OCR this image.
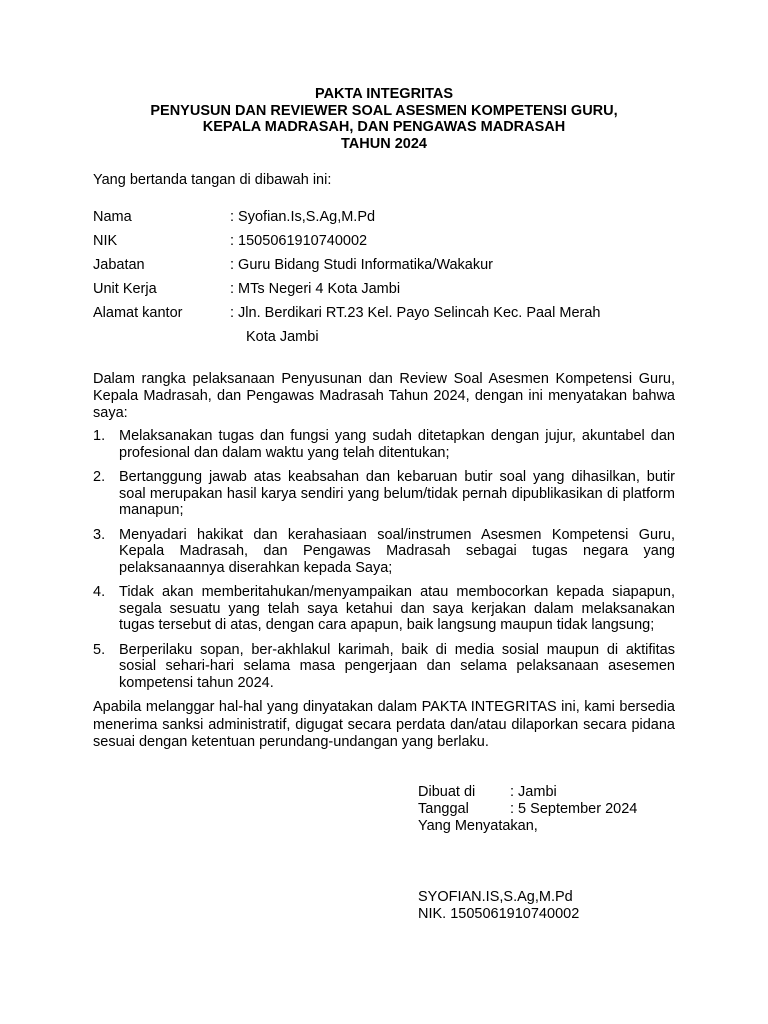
PAKTA INTEGRITAS
PENYUSUN DAN REVIEWER SOAL ASESMEN KOMPETENSI GURU,
KEPALA MADRASAH, DAN PENGAWAS MADRASAH
TAHUN 2024
Yang bertanda tangan di dibawah ini:
Nama	: Syofian.Is,S.Ag,M.Pd
NIK	: 1505061910740002
Jabatan	: Guru Bidang Studi Informatika/Wakakur
Unit Kerja	: MTs Negeri 4 Kota Jambi
Alamat kantor	: Jln. Berdikari RT.23 Kel. Payo Selincah Kec. Paal Merah
Kota Jambi
Dalam rangka pelaksanaan Penyusunan dan Review Soal Asesmen Kompetensi Guru, Kepala Madrasah, dan Pengawas Madrasah Tahun 2024, dengan ini menyatakan bahwa saya:
1. Melaksanakan tugas dan fungsi yang sudah ditetapkan dengan jujur, akuntabel dan profesional dan dalam waktu yang telah ditentukan;
2. Bertanggung jawab atas keabsahan dan kebaruan butir soal yang dihasilkan, butir soal merupakan hasil karya sendiri yang belum/tidak pernah dipublikasikan di platform manapun;
3. Menyadari hakikat dan kerahasiaan soal/instrumen Asesmen Kompetensi Guru, Kepala Madrasah, dan Pengawas Madrasah sebagai tugas negara yang pelaksanaannya diserahkan kepada Saya;
4. Tidak akan memberitahukan/menyampaikan atau membocorkan kepada siapapun, segala sesuatu yang telah saya ketahui dan saya kerjakan dalam melaksanakan tugas tersebut di atas, dengan cara apapun, baik langsung maupun tidak langsung;
5. Berperilaku sopan, ber-akhlakul karimah, baik di media sosial maupun di aktifitas sosial sehari-hari selama masa pengerjaan dan selama pelaksanaan asesemen kompetensi tahun 2024.
Apabila melanggar hal-hal yang dinyatakan dalam PAKTA INTEGRITAS ini, kami bersedia menerima sanksi administratif, digugat secara perdata dan/atau dilaporkan secara pidana sesuai dengan ketentuan perundang-undangan yang berlaku.
Dibuat di	: Jambi
Tanggal	: 5 September 2024
Yang Menyatakan,
SYOFIAN.IS,S.Ag,M.Pd
NIK. 1505061910740002
